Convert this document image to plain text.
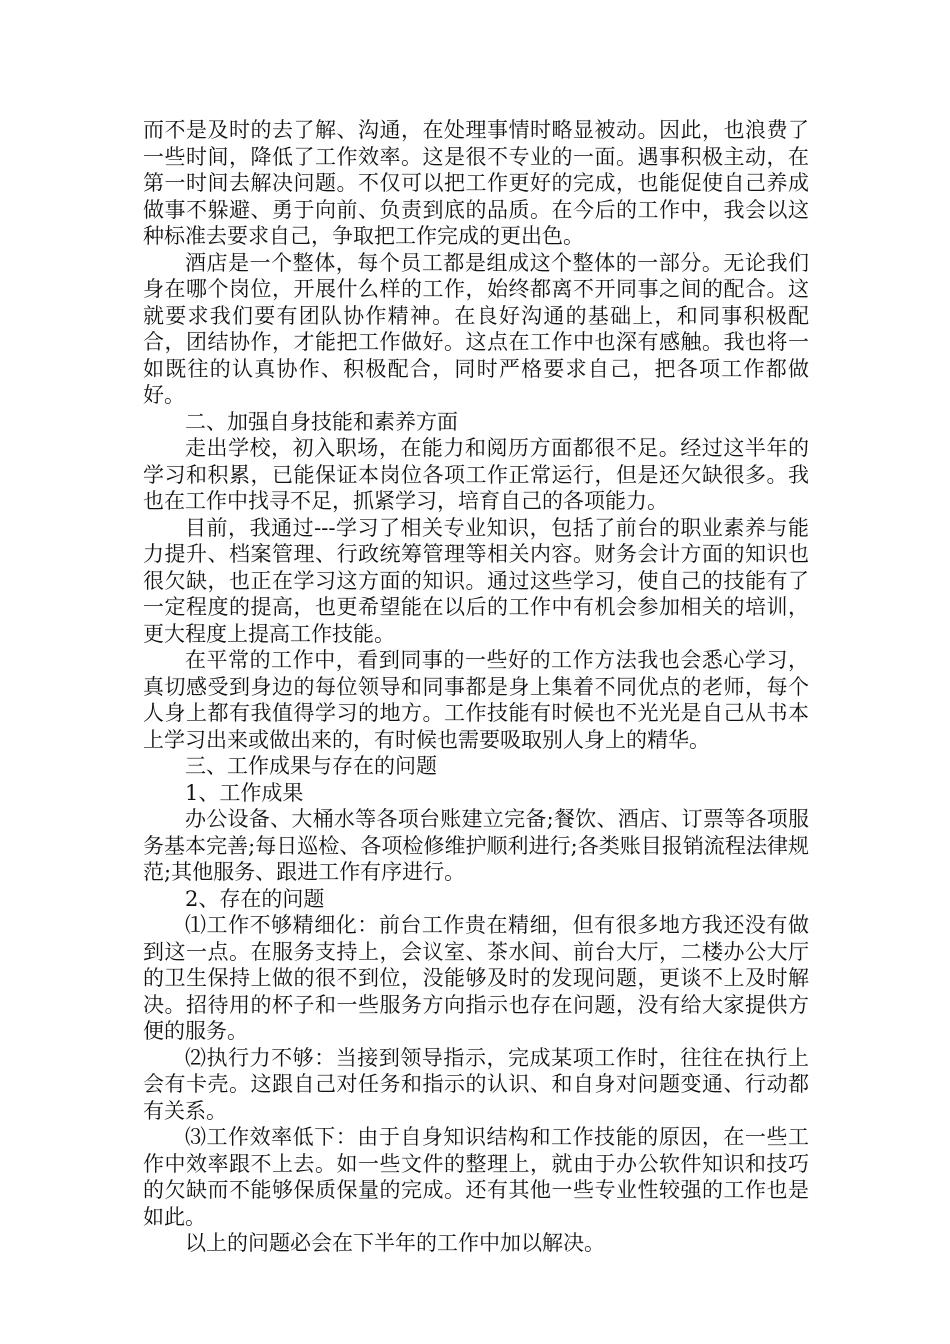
而不是及时的去了解、沟通，在处理事情时略显被动。因此，也浪费了一些时间，降低了工作效率。这是很不专业的一面。遇事积极主动，在第一时间去解决问题。不仅可以把工作更好的完成，也能促使自己养成做事不躲避、勇于向前、负责到底的品质。在今后的工作中，我会以这种标准去要求自己，争取把工作完成的更出色。

酒店是一个整体，每个员工都是组成这个整体的一部分。无论我们身在哪个岗位，开展什么样的工作，始终都离不开同事之间的配合。这就要求我们要有团队协作精神。在良好沟通的基础上，和同事积极配合，团结协作，才能把工作做好。这点在工作中也深有感触。我也将一如既往的认真协作、积极配合，同时严格要求自己，把各项工作都做好。

二、加强自身技能和素养方面

走出学校，初入职场，在能力和阅历方面都很不足。经过这半年的学习和积累，已能保证本岗位各项工作正常运行，但是还欠缺很多。我也在工作中找寻不足，抓紧学习，培育自己的各项能力。

目前，我通过---学习了相关专业知识，包括了前台的职业素养与能力提升、档案管理、行政统筹管理等相关内容。财务会计方面的知识也很欠缺，也正在学习这方面的知识。通过这些学习，使自己的技能有了一定程度的提高，也更希望能在以后的工作中有机会参加相关的培训，更大程度上提高工作技能。

在平常的工作中，看到同事的一些好的工作方法我也会悉心学习，真切感受到身边的每位领导和同事都是身上集着不同优点的老师，每个人身上都有我值得学习的地方。工作技能有时候也不光光是自己从书本上学习出来或做出来的，有时候也需要吸取别人身上的精华。

三、工作成果与存在的问题

1、工作成果

办公设备、大桶水等各项台账建立完备;餐饮、酒店、订票等各项服务基本完善;每日巡检、各项检修维护顺利进行;各类账目报销流程法律规范;其他服务、跟进工作有序进行。

2、存在的问题

⑴工作不够精细化：前台工作贵在精细，但有很多地方我还没有做到这一点。在服务支持上，会议室、茶水间、前台大厅，二楼办公大厅的卫生保持上做的很不到位，没能够及时的发现问题，更谈不上及时解决。招待用的杯子和一些服务方向指示也存在问题，没有给大家提供方便的服务。

⑵执行力不够：当接到领导指示，完成某项工作时，往往在执行上会有卡壳。这跟自己对任务和指示的认识、和自身对问题变通、行动都有关系。

⑶工作效率低下：由于自身知识结构和工作技能的原因，在一些工作中效率跟不上去。如一些文件的整理上，就由于办公软件知识和技巧的欠缺而不能够保质保量的完成。还有其他一些专业性较强的工作也是如此。

以上的问题必会在下半年的工作中加以解决。
